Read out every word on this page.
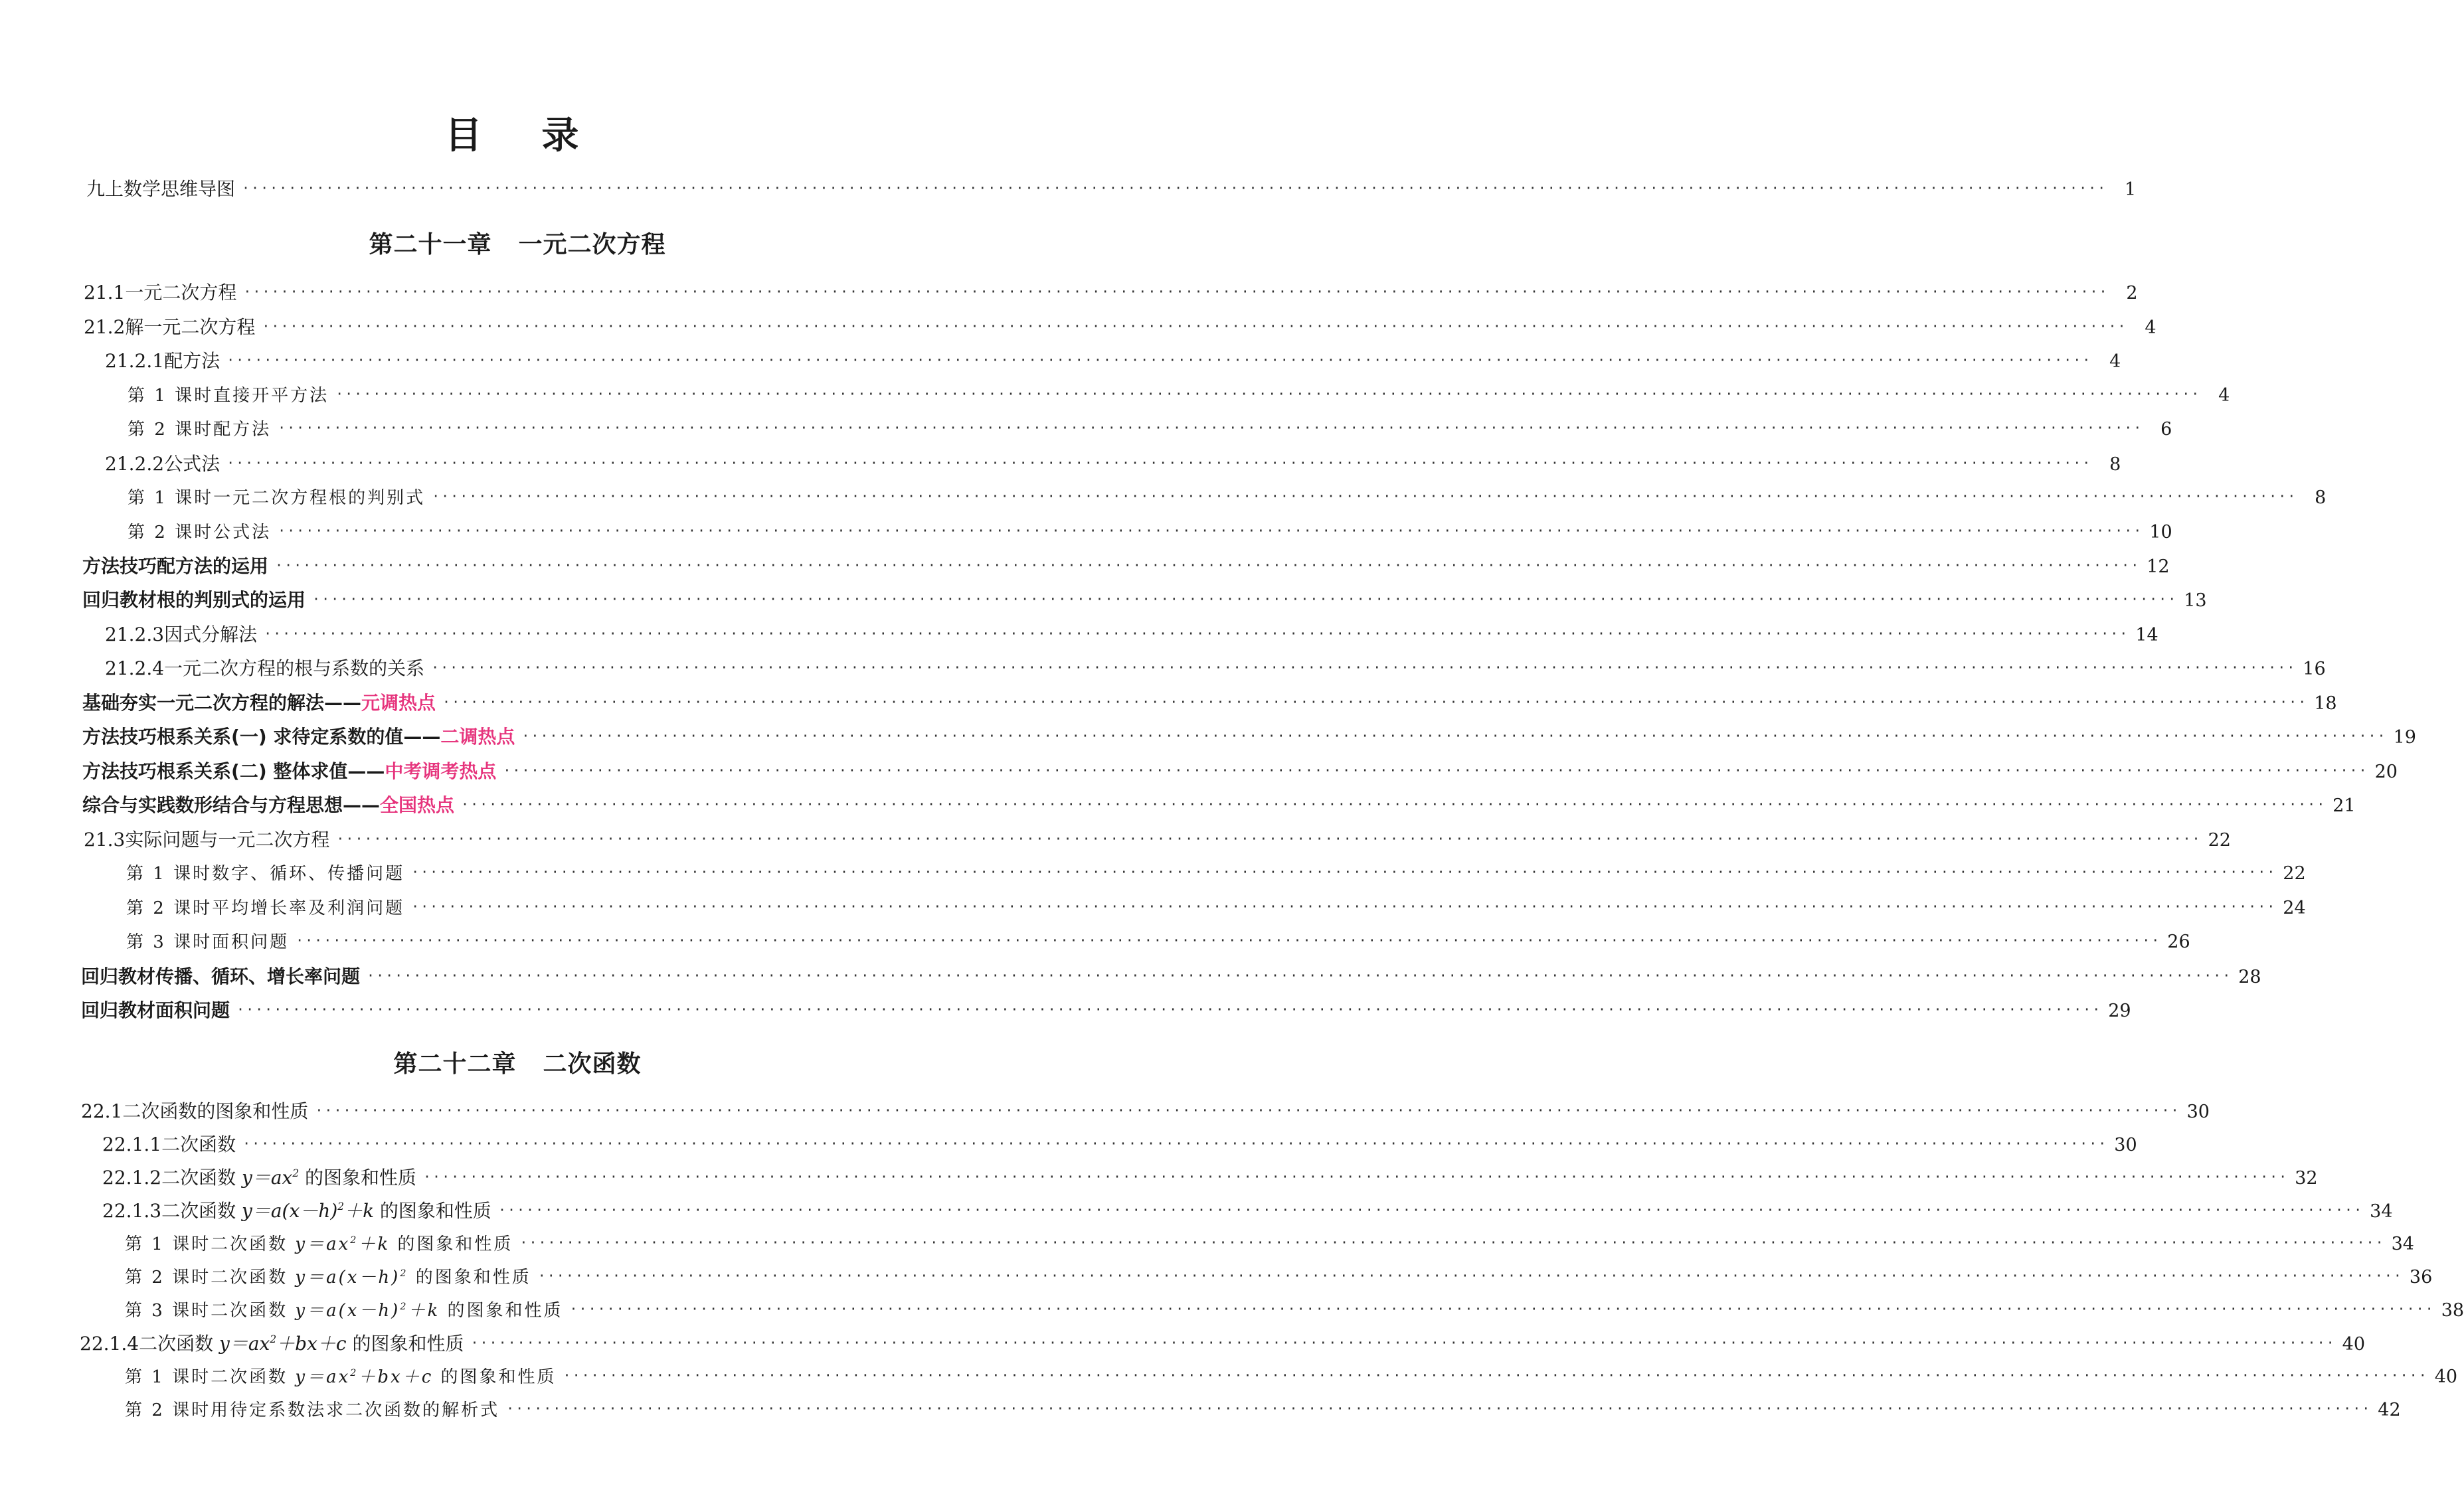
目　录
九上数学思维导图 ········································································································································································································ 1
第二十一章 一元二次方程
21.1 一元二次方程 ········································································································································································································ 2
21.2 解一元二次方程 ········································································································································································································ 4
21.2.1 配方法 ········································································································································································································ 4
第 1 课时 直接开平方法 ········································································································································································································ 4
第 2 课时 配方法 ········································································································································································································ 6
21.2.2 公式法 ········································································································································································································ 8
第 1 课时 一元二次方程根的判别式 ········································································································································································································ 8
第 2 课时 公式法 ········································································································································································································ 10
方法技巧 配方法的运用 ········································································································································································································ 12
回归教材 根的判别式的运用 ········································································································································································································ 13
21.2.3 因式分解法 ········································································································································································································ 14
21.2.4 一元二次方程的根与系数的关系 ········································································································································································································ 16
基础夯实 一元二次方程的解法—— 元调热点 ········································································································································································································ 18
方法技巧 根系关系(一) 求待定系数的值—— 二调热点 ········································································································································································································ 19
方法技巧 根系关系(二) 整体求值—— 中考调考热点 ········································································································································································································ 20
综合与实践 数形结合与方程思想—— 全国热点 ········································································································································································································ 21
21.3 实际问题与一元二次方程 ········································································································································································································ 22
第 1 课时 数字、循环、传播问题 ········································································································································································································ 22
第 2 课时 平均增长率及利润问题 ········································································································································································································ 24
第 3 课时 面积问题 ········································································································································································································ 26
回归教材 传播、循环、增长率问题 ········································································································································································································ 28
回归教材 面积问题 ········································································································································································································ 29
第二十二章 二次函数
22.1 二次函数的图象和性质 ········································································································································································································ 30
22.1.1 二次函数 ········································································································································································································ 30
22.1.2 二次函数 $y=ax^2$ 的图象和性质 ········································································································································································································ 32
22.1.3 二次函数 $y=a(x-h)^2+k$ 的图象和性质 ········································································································································································································ 34
第 1 课时 二次函数 $y=ax^2+k$ 的图象和性质 ········································································································································································································ 34
第 2 课时 二次函数 $y=a(x-h)^2$ 的图象和性质 ········································································································································································································ 36
第 3 课时 二次函数 $y=a(x-h)^2+k$ 的图象和性质 ········································································································································································································ 38
22.1.4 二次函数 $y=ax^2+bx+c$ 的图象和性质 ········································································································································································································ 40
第 1 课时 二次函数 $y=ax^2+bx+c$ 的图象和性质 ········································································································································································································ 40
第 2 课时 用待定系数法求二次函数的解析式 ········································································································································································································ 42
